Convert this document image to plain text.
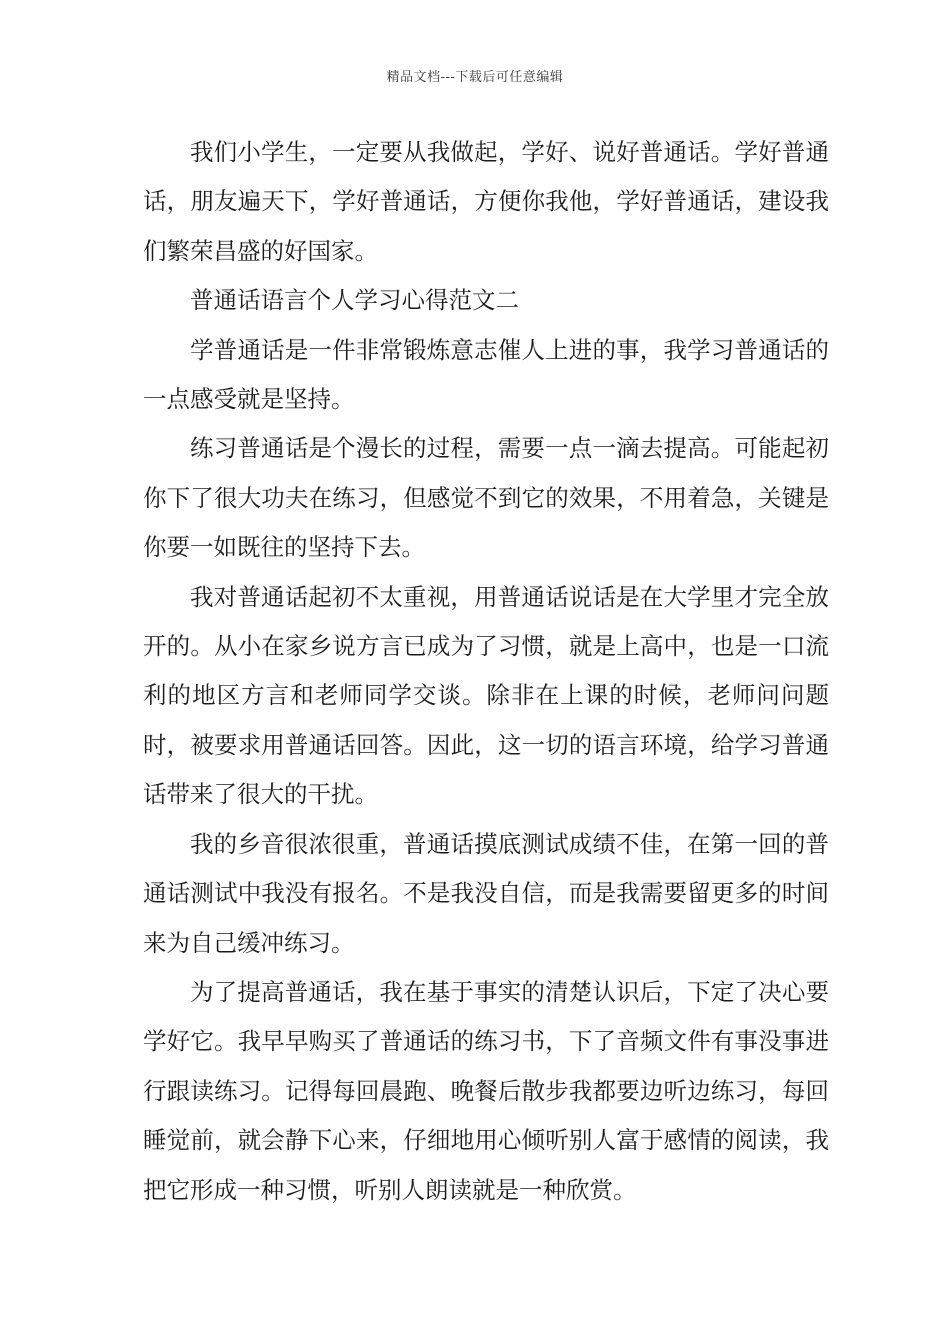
精品文档---下载后可任意编辑

我们小学生，一定要从我做起，学好、说好普通话。学好普通话，朋友遍天下，学好普通话，方便你我他，学好普通话，建设我们繁荣昌盛的好国家。

普通话语言个人学习心得范文二

学普通话是一件非常锻炼意志催人上进的事，我学习普通话的一点感受就是坚持。

练习普通话是个漫长的过程，需要一点一滴去提高。可能起初你下了很大功夫在练习，但感觉不到它的效果，不用着急，关键是你要一如既往的坚持下去。

我对普通话起初不太重视，用普通话说话是在大学里才完全放开的。从小在家乡说方言已成为了习惯，就是上高中，也是一口流利的地区方言和老师同学交谈。除非在上课的时候，老师问问题时，被要求用普通话回答。因此，这一切的语言环境，给学习普通话带来了很大的干扰。

我的乡音很浓很重，普通话摸底测试成绩不佳，在第一回的普通话测试中我没有报名。不是我没自信，而是我需要留更多的时间来为自己缓冲练习。

为了提高普通话，我在基于事实的清楚认识后，下定了决心要学好它。我早早购买了普通话的练习书，下了音频文件有事没事进行跟读练习。记得每回晨跑、晚餐后散步我都要边听边练习，每回睡觉前，就会静下心来，仔细地用心倾听别人富于感情的阅读，我把它形成一种习惯，听别人朗读就是一种欣赏。
